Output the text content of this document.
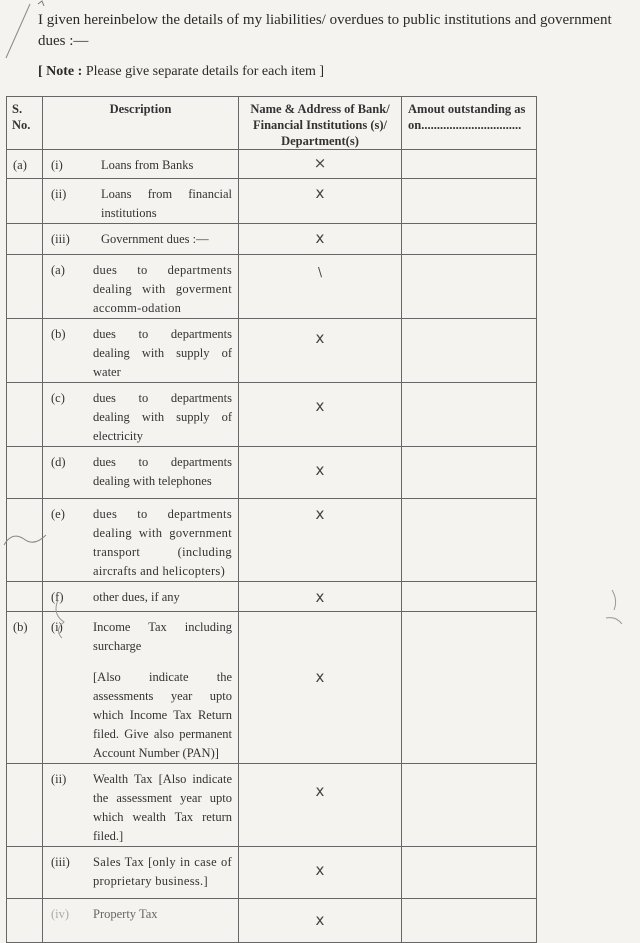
I given hereinbelow the details of my liabilities/ overdues to public institutions and government dues :—
[ Note : Please give separate details for each item ]
S. No.	Description	Name & Address of Bank/ Financial Institutions (s)/ Department(s)	Amout outstanding as on................................
(a)	(i) Loans from Banks	×	

	(ii) Loans from financial institutions	x	

	(iii) Government dues :—	x	

	(a) dues to departments dealing with goverment accomm-odation	\	

	(b) dues to departments dealing with supply of water	x	

	(c) dues to departments dealing with supply of electricity	x	

	(d) dues to departments dealing with telephones	x	

	(e) dues to departments dealing with government transport (including aircrafts and helicopters)	x	

	(f) other dues, if any	x	

(b)	(i) Income Tax including surcharge
[Also indicate the assessments year upto which Income Tax Return filed. Give also permanent Account Number (PAN)]	x	

	(ii) Wealth Tax [Also indicate the assessment year upto which wealth Tax return filed.]	x	

	(iii) Sales Tax [only in case of proprietary business.]	x	

	(iv) Property Tax	x	
